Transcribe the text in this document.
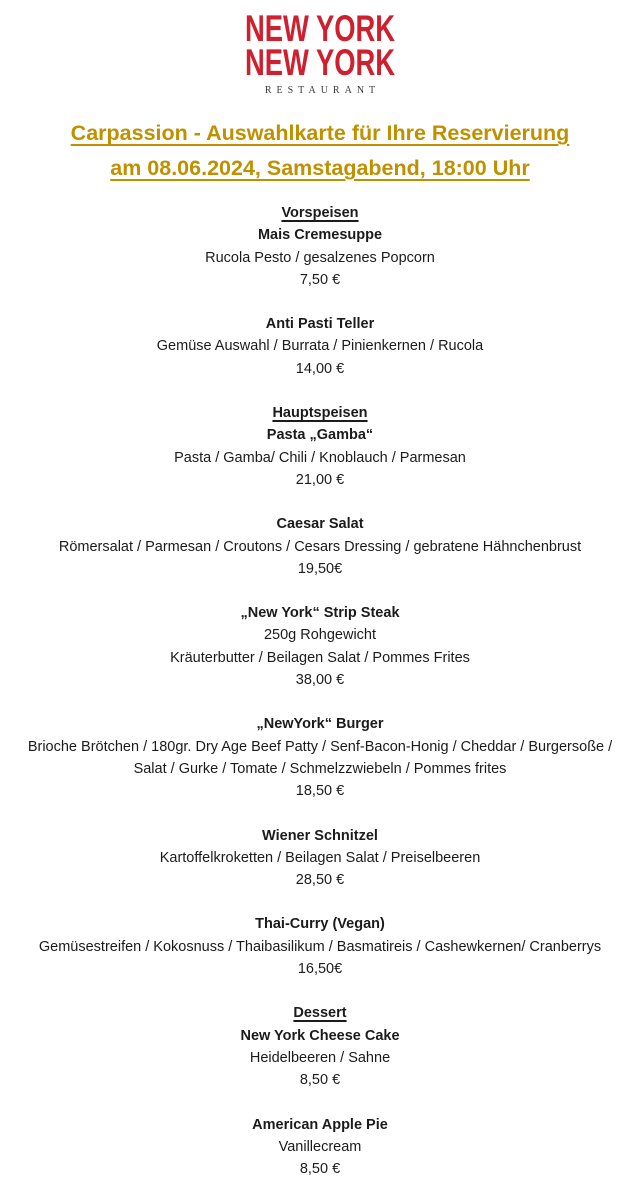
NEW YORK
NEW YORK
RESTAURANT
Carpassion - Auswahlkarte für Ihre Reservierung
am 08.06.2024, Samstagabend, 18:00 Uhr
Vorspeisen
Mais Cremesuppe
Rucola Pesto / gesalzenes Popcorn
7,50 €
Anti Pasti Teller
Gemüse Auswahl / Burrata / Pinienkernen / Rucola
14,00 €
Hauptspeisen
Pasta „Gamba“
Pasta / Gamba/ Chili / Knoblauch / Parmesan
21,00 €
Caesar Salat
Römersalat / Parmesan / Croutons / Cesars Dressing / gebratene Hähnchenbrust
19,50€
„New York“ Strip Steak
250g Rohgewicht
Kräuterbutter / Beilagen Salat / Pommes Frites
38,00 €
„NewYork“ Burger
Brioche Brötchen / 180gr. Dry Age Beef Patty / Senf-Bacon-Honig / Cheddar / Burgersoße /
Salat / Gurke / Tomate / Schmelzzwiebeln / Pommes frites
18,50 €
Wiener Schnitzel
Kartoffelkroketten / Beilagen Salat / Preiselbeeren
28,50 €
Thai-Curry (Vegan)
Gemüsestreifen / Kokosnuss / Thaibasilikum / Basmatireis / Cashewkernen/ Cranberrys
16,50€
Dessert
New York Cheese Cake
Heidelbeeren / Sahne
8,50 €
American Apple Pie
Vanillecream
8,50 €
